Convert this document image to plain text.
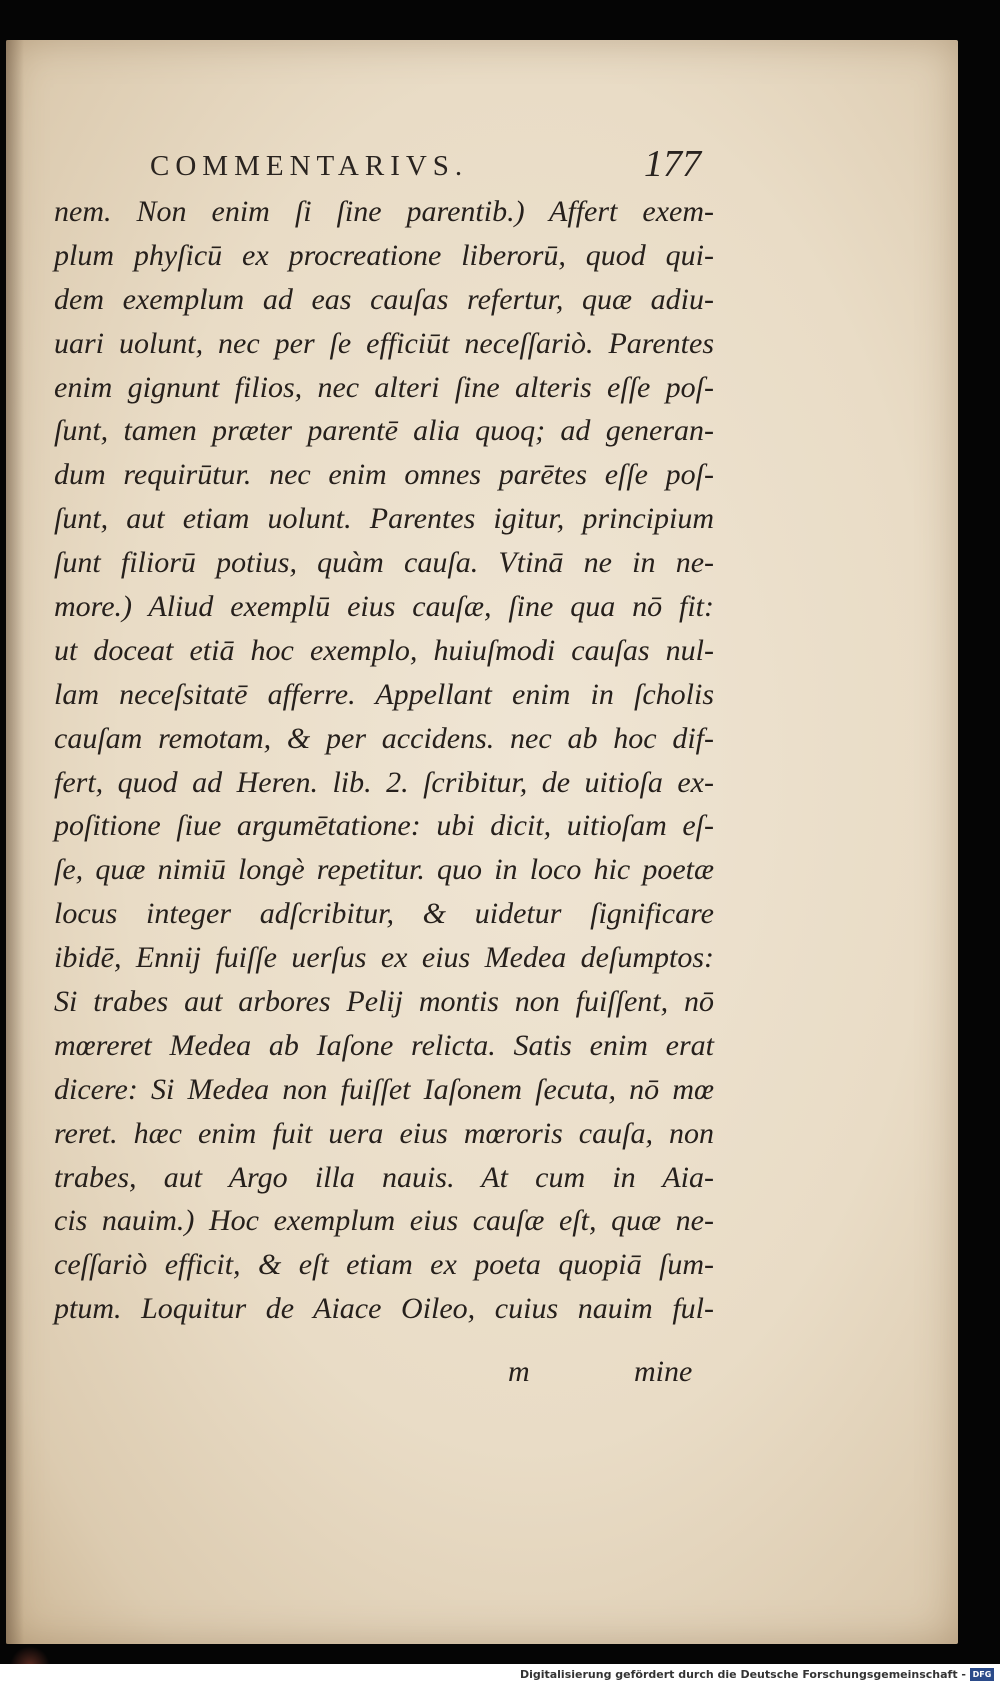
COMMENTARIVS.	177
nem. Non enim ſi ſine parentib.) Affert exem-
plum phyſicū ex procreatione liberorū, quod qui-
dem exemplum ad eas cauſas refertur, quæ adiu-
uari uolunt, nec per ſe efficiūt neceſſariò. Parentes
enim gignunt filios, nec alteri ſine alteris eſſe poſ-
ſunt, tamen præter parentē alia quoq; ad generan-
dum requirūtur. nec enim omnes parētes eſſe poſ-
ſunt, aut etiam uolunt. Parentes igitur, principium
ſunt filiorū potius, quàm cauſa. Vtinā ne in ne-
more.) Aliud exemplū eius cauſæ, ſine qua nō fit:
ut doceat etiā hoc exemplo, huiuſmodi cauſas nul-
lam neceſsitatē afferre. Appellant enim in ſcholis
cauſam remotam, & per accidens. nec ab hoc dif-
fert, quod ad Heren. lib. 2. ſcribitur, de uitioſa ex-
poſitione ſiue argumētatione: ubi dicit, uitioſam eſ-
ſe, quæ nimiū longè repetitur. quo in loco hic poetæ
locus integer adſcribitur, & uidetur ſignificare
ibidē, Ennij fuiſſe uerſus ex eius Medea deſumptos:
Si trabes aut arbores Pelij montis non fuiſſent, nō
mœreret Medea ab Iaſone relicta. Satis enim erat
dicere: Si Medea non fuiſſet Iaſonem ſecuta, nō mœ
reret. hæc enim fuit uera eius mœroris cauſa, non
trabes, aut Argo illa nauis. At cum in Aia-
cis nauim.) Hoc exemplum eius cauſæ eſt, quæ ne-
ceſſariò efficit, & eſt etiam ex poeta quopiā ſum-
ptum. Loquitur de Aiace Oileo, cuius nauim ful-
m	mine
Digitalisierung gefördert durch die Deutsche Forschungsgemeinschaft - DFG
